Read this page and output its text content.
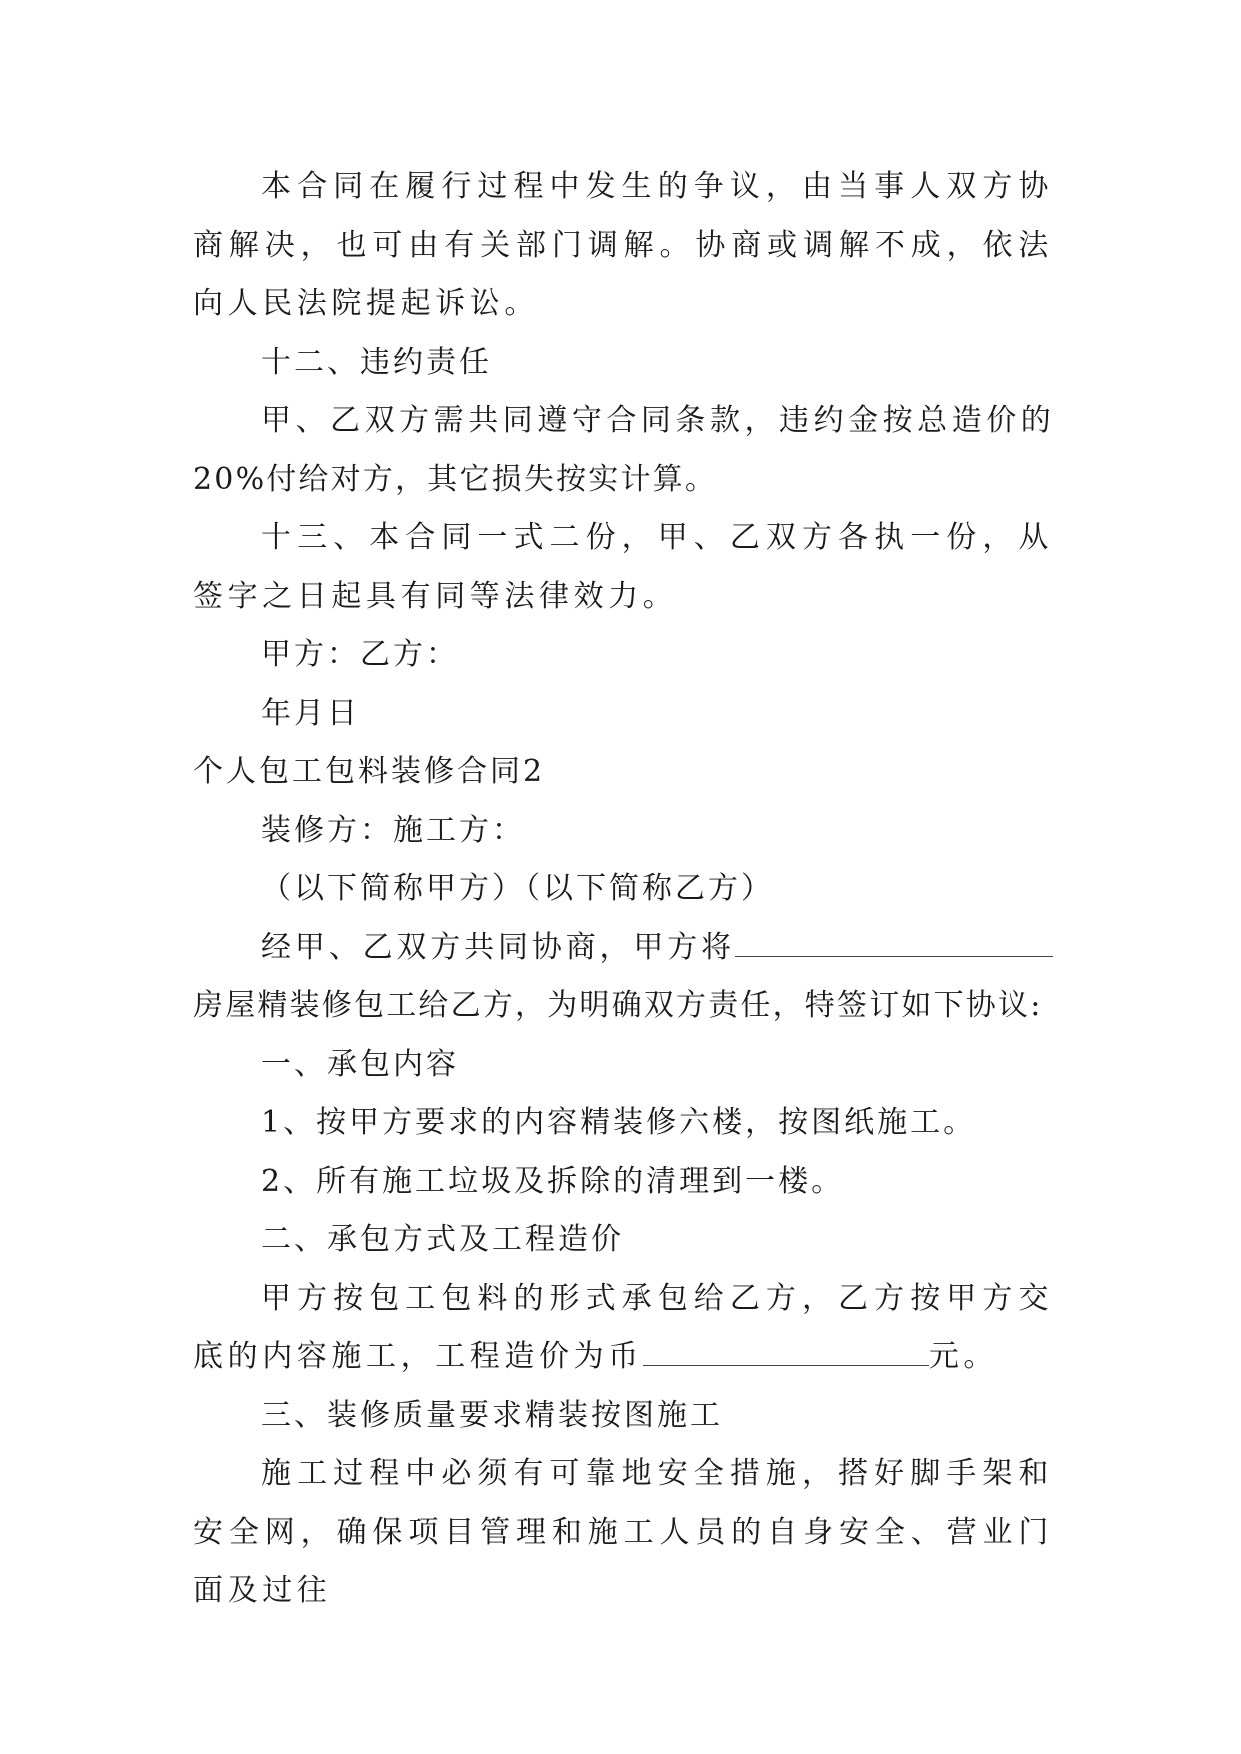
本合同在履行过程中发生的争议，由当事人双方协商解决，也可由有关部门调解。协商或调解不成，依法向人民法院提起诉讼。

十二、违约责任

甲、乙双方需共同遵守合同条款，违约金按总造价的20%付给对方，其它损失按实计算。

十三、本合同一式二份，甲、乙双方各执一份，从签字之日起具有同等法律效力。

甲方：乙方：

年月日

个人包工包料装修合同2

装修方：施工方：

（以下简称甲方）（以下简称乙方）

经甲、乙双方共同协商，甲方将房屋精装修包工给乙方，为明确双方责任，特签订如下协议:

一、承包内容

1、按甲方要求的内容精装修六楼，按图纸施工。

2、所有施工垃圾及拆除的清理到一楼。

二、承包方式及工程造价

甲方按包工包料的形式承包给乙方，乙方按甲方交底的内容施工，工程造价为币	元。

三、装修质量要求精装按图施工

施工过程中必须有可靠地安全措施，搭好脚手架和安全网，确保项目管理和施工人员的自身安全、营业门面及过往
